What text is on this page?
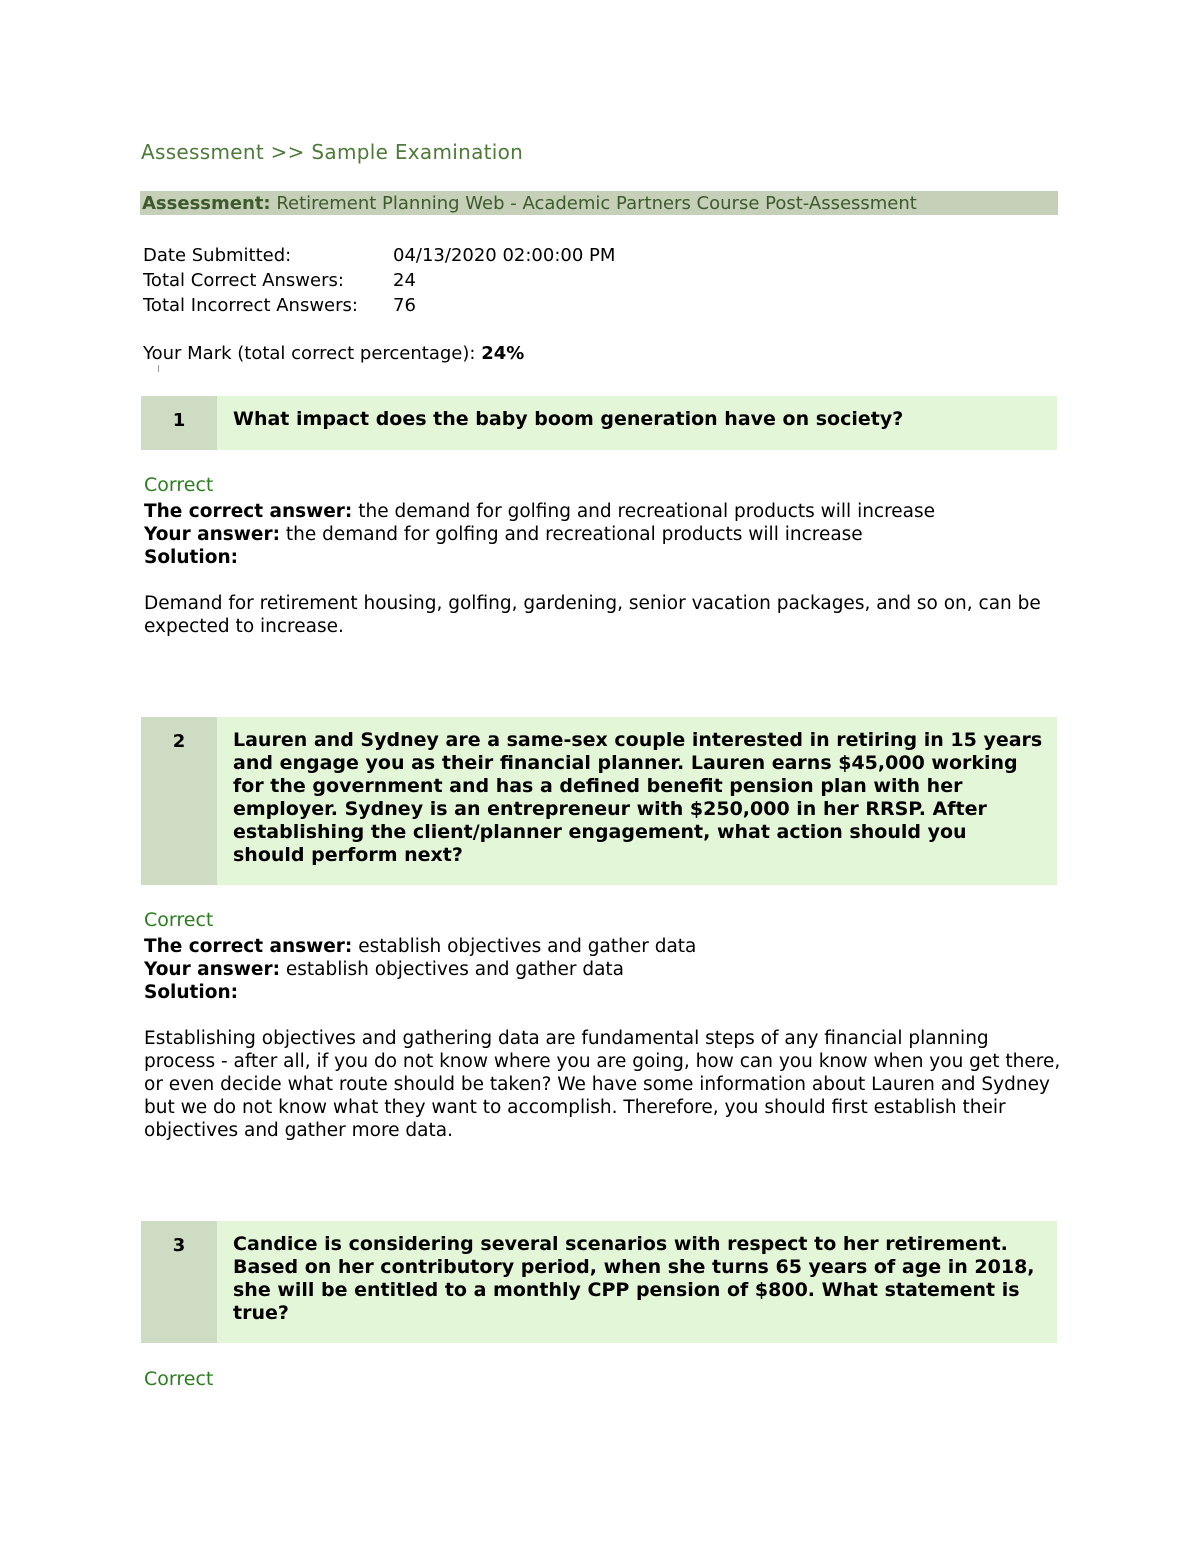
Assessment >> Sample Examination
Assessment: Retirement Planning Web - Academic Partners Course Post-Assessment
Date Submitted:	04/13/2020 02:00:00 PM
Total Correct Answers:	24
Total Incorrect Answers: 76
Your Mark (total correct percentage): 24%
1	What impact does the baby boom generation have on society?
Correct
The correct answer: the demand for golfing and recreational products will increase
Your answer: the demand for golfing and recreational products will increase
Solution:
Demand for retirement housing, golfing, gardening, senior vacation packages, and so on, can be expected to increase.
2	Lauren and Sydney are a same-sex couple interested in retiring in 15 years and engage you as their financial planner. Lauren earns $45,000 working for the government and has a defined benefit pension plan with her employer. Sydney is an entrepreneur with $250,000 in her RRSP. After establishing the client/planner engagement, what action should you should perform next?
Correct
The correct answer: establish objectives and gather data
Your answer: establish objectives and gather data
Solution:
Establishing objectives and gathering data are fundamental steps of any financial planning process - after all, if you do not know where you are going, how can you know when you get there, or even decide what route should be taken? We have some information about Lauren and Sydney but we do not know what they want to accomplish. Therefore, you should first establish their objectives and gather more data.
3	Candice is considering several scenarios with respect to her retirement. Based on her contributory period, when she turns 65 years of age in 2018, she will be entitled to a monthly CPP pension of $800. What statement is true?
Correct
